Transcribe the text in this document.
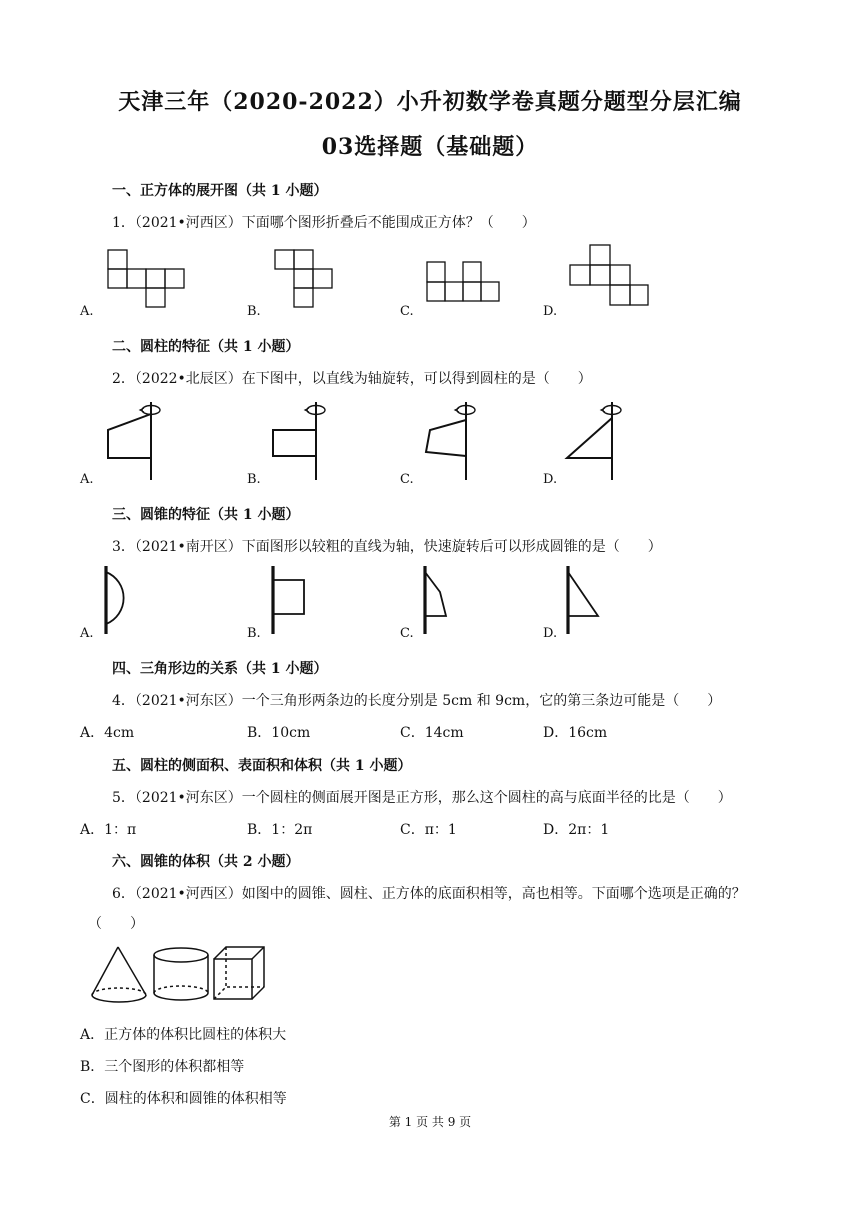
天津三年（2020-2022）小升初数学卷真题分题型分层汇编
03选择题（基础题）
一、正方体的展开图（共 1 小题）
1．（2021•河西区）下面哪个图形折叠后不能围成正方体？（　　）
A.	B.	C.	D.
二、圆柱的特征（共 1 小题）
2．（2022•北辰区）在下图中，以直线为轴旋转，可以得到圆柱的是（　　）
A.	B.	C.	D.
三、圆锥的特征（共 1 小题）
3．（2021•南开区）下面图形以较粗的直线为轴，快速旋转后可以形成圆锥的是（　　）
A.	B.	C.	D.
四、三角形边的关系（共 1 小题）
4．（2021•河东区）一个三角形两条边的长度分别是 5cm 和 9cm，它的第三条边可能是（　　）
A．4cm	B．10cm	C．14cm	D．16cm
五、圆柱的侧面积、表面积和体积（共 1 小题）
5．（2021•河东区）一个圆柱的侧面展开图是正方形，那么这个圆柱的高与底面半径的比是（　　）
A．1：π	B．1：2π	C．π：1	D．2π：1
六、圆锥的体积（共 2 小题）
6．（2021•河西区）如图中的圆锥、圆柱、正方体的底面积相等，高也相等。下面哪个选项是正确的？
（　　）
A．正方体的体积比圆柱的体积大
B．三个图形的体积都相等
C．圆柱的体积和圆锥的体积相等
第 1 页 共 9 页
